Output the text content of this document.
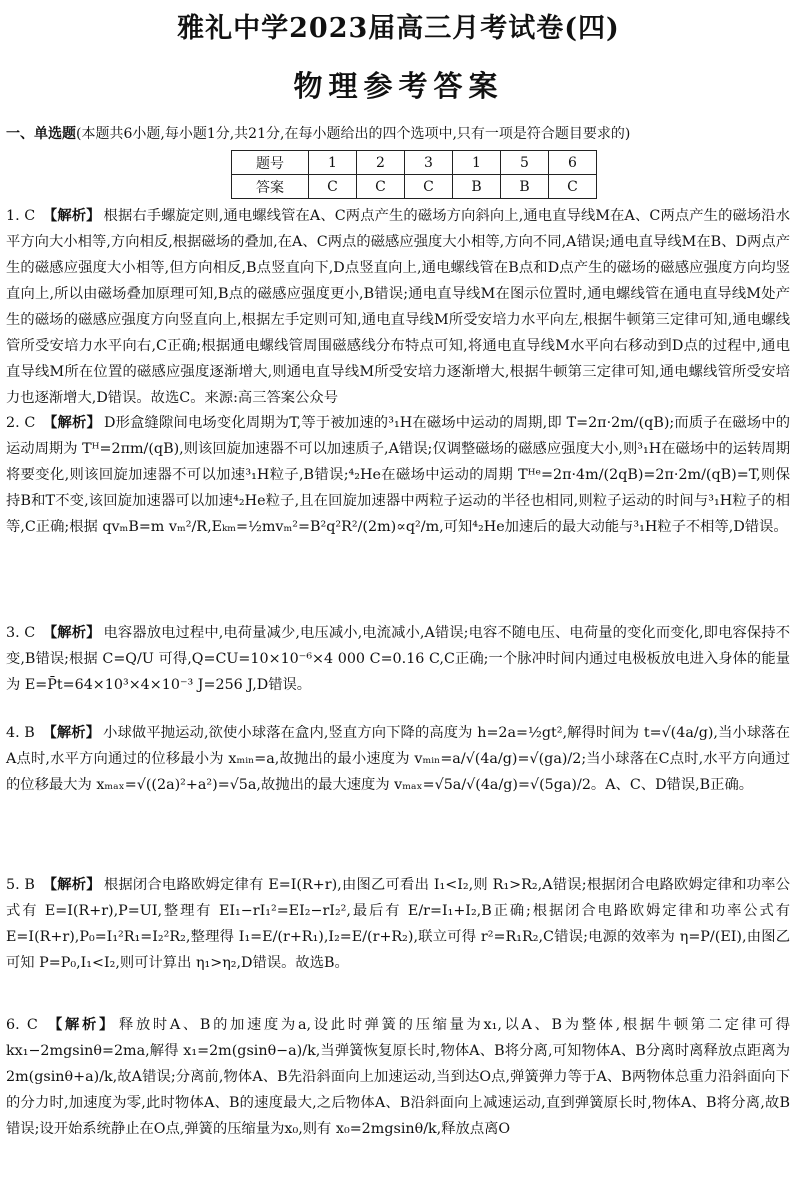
雅礼中学2023届高三月考试卷(四)
物理参考答案
一、单选题(本题共6小题,每小题1分,共21分,在每小题给出的四个选项中,只有一项是符合题目要求的)
题号	1	2	3	1	5	6
答案	C	C	C	B	B	C
1. C 【解析】 根据右手螺旋定则,通电螺线管在A、C两点产生的磁场方向斜向上,通电直导线M在A、C两点产生的磁场沿水平方向大小相等,方向相反,根据磁场的叠加,在A、C两点的磁感应强度大小相等,方向不同,A错误;通电直导线M在B、D两点产生的磁感应强度大小相等,但方向相反,B点竖直向下,D点竖直向上,通电螺线管在B点和D点产生的磁场的磁感应强度方向均竖直向上,所以由磁场叠加原理可知,B点的磁感应强度更小,B错误;通电直导线M在图示位置时,通电螺线管在通电直导线M处产生的磁场的磁感应强度方向竖直向上,根据左手定则可知,通电直导线M所受安培力水平向左,根据牛顿第三定律可知,通电螺线管所受安培力水平向右,C正确;根据通电螺线管周围磁感线分布特点可知,将通电直导线M水平向右移动到D点的过程中,通电直导线M所在位置的磁感应强度逐渐增大,则通电直导线M所受安培力逐渐增大,根据牛顿第三定律可知,通电螺线管所受安培力也逐渐增大,D错误。故选C。来源:高三答案公众号
2. C 【解析】 D形盒缝隙间电场变化周期为T,等于被加速的³₁H在磁场中运动的周期,即 T=2π·2m/(qB);而质子在磁场中的运动周期为 Tᴴ=2πm/(qB),则该回旋加速器不可以加速质子,A错误;仅调整磁场的磁感应强度大小,则³₁H在磁场中的运转周期将要变化,则该回旋加速器不可以加速³₁H粒子,B错误;⁴₂He在磁场中运动的周期 Tᴴᵉ=2π·4m/(2qB)=2π·2m/(qB)=T,则保持B和T不变,该回旋加速器可以加速⁴₂He粒子,且在回旋加速器中两粒子运动的半径也相同,则粒子运动的时间与³₁H粒子的相等,C正确;根据 qvₘB=m vₘ²/R,Eₖₘ=½mvₘ²=B²q²R²/(2m)∝q²/m,可知⁴₂He加速后的最大动能与³₁H粒子不相等,D错误。
3. C 【解析】 电容器放电过程中,电荷量减少,电压减小,电流减小,A错误;电容不随电压、电荷量的变化而变化,即电容保持不变,B错误;根据 C=Q/U 可得,Q=CU=10×10⁻⁶×4 000 C=0.16 C,C正确;一个脉冲时间内通过电极板放电进入身体的能量为 E=P̄t=64×10³×4×10⁻³ J=256 J,D错误。
4. B 【解析】 小球做平抛运动,欲使小球落在盒内,竖直方向下降的高度为 h=2a=½gt²,解得时间为 t=√(4a/g),当小球落在A点时,水平方向通过的位移最小为 xₘᵢₙ=a,故抛出的最小速度为 vₘᵢₙ=a/√(4a/g)=√(ga)/2;当小球落在C点时,水平方向通过的位移最大为 xₘₐₓ=√((2a)²+a²)=√5a,故抛出的最大速度为 vₘₐₓ=√5a/√(4a/g)=√(5ga)/2。A、C、D错误,B正确。
5. B 【解析】 根据闭合电路欧姆定律有 E=I(R+r),由图乙可看出 I₁<I₂,则 R₁>R₂,A错误;根据闭合电路欧姆定律和功率公式有 E=I(R+r),P=UI,整理有 EI₁−rI₁²=EI₂−rI₂²,最后有 E/r=I₁+I₂,B正确;根据闭合电路欧姆定律和功率公式有 E=I(R+r),P₀=I₁²R₁=I₂²R₂,整理得 I₁=E/(r+R₁),I₂=E/(r+R₂),联立可得 r²=R₁R₂,C错误;电源的效率为 η=P/(EI),由图乙可知 P=P₀,I₁<I₂,则可计算出 η₁>η₂,D错误。故选B。
6. C 【解析】 释放时A、B的加速度为a,设此时弹簧的压缩量为x₁,以A、B为整体,根据牛顿第二定律可得 kx₁−2mgsinθ=2ma,解得 x₁=2m(gsinθ−a)/k,当弹簧恢复原长时,物体A、B将分离,可知物体A、B分离时离释放点距离为 2m(gsinθ+a)/k,故A错误;分离前,物体A、B先沿斜面向上加速运动,当到达O点,弹簧弹力等于A、B两物体总重力沿斜面向下的分力时,加速度为零,此时物体A、B的速度最大,之后物体A、B沿斜面向上减速运动,直到弹簧原长时,物体A、B将分离,故B错误;设开始系统静止在O点,弹簧的压缩量为x₀,则有 x₀=2mgsinθ/k,释放点离O
